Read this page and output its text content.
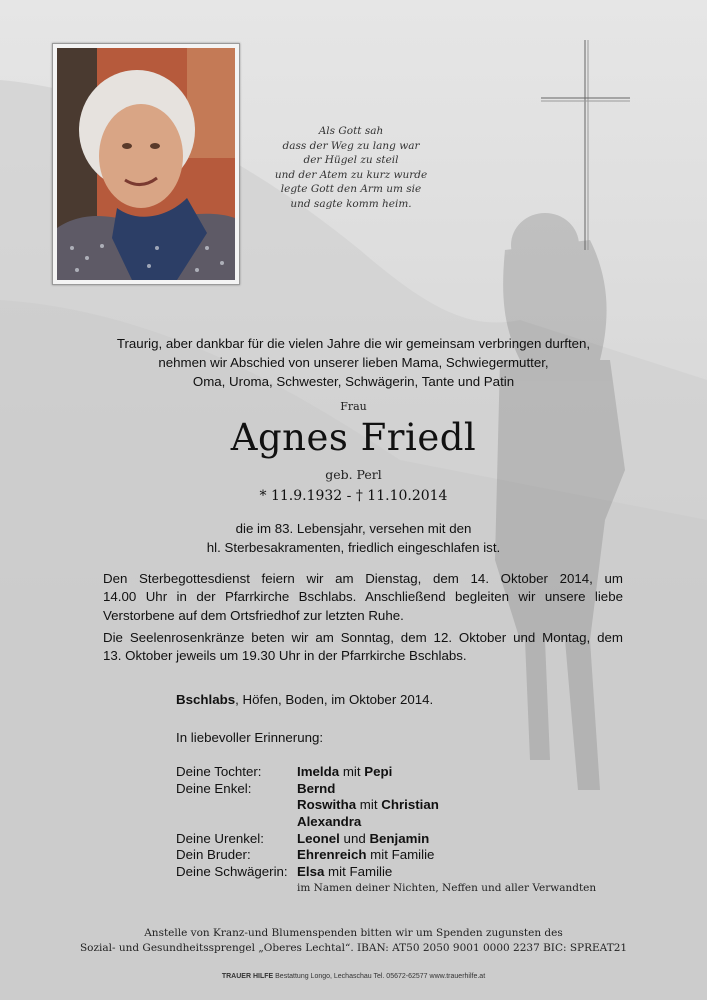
Als Gott sah
dass der Weg zu lang war
der Hügel zu steil
und der Atem zu kurz wurde
legte Gott den Arm um sie
und sagte komm heim.
Traurig, aber dankbar für die vielen Jahre die wir gemeinsam verbringen durften,
nehmen wir Abschied von unserer lieben Mama, Schwiegermutter,
Oma, Uroma, Schwester, Schwägerin, Tante und Patin
Frau
Agnes Friedl
geb. Perl
* 11.9.1932 - † 11.10.2014
die im 83. Lebensjahr, versehen mit den
hl. Sterbesakramenten, friedlich eingeschlafen ist.
Den Sterbegottesdienst feiern wir am Dienstag, dem 14. Oktober 2014, um
14.00 Uhr in der Pfarrkirche Bschlabs. Anschließend begleiten wir unsere liebe
Verstorbene auf dem Ortsfriedhof zur letzten Ruhe.
Die Seelenrosenkränze beten wir am Sonntag, dem 12. Oktober und Montag, dem
13. Oktober jeweils um 19.30 Uhr in der Pfarrkirche Bschlabs.
Bschlabs, Höfen, Boden, im Oktober 2014.
In liebevoller Erinnerung:
Deine Tochter:	Imelda mit Pepi
Deine Enkel:	Bernd
Roswitha mit Christian
Alexandra
Deine Urenkel: Leonel und Benjamin
Dein Bruder:	Ehrenreich mit Familie
Deine Schwägerin: Elsa mit Familie
im Namen deiner Nichten, Neffen und aller Verwandten
Anstelle von Kranz-und Blumenspenden bitten wir um Spenden zugunsten des
Sozial- und Gesundheitssprengel „Oberes Lechtal“. IBAN: AT50 2050 9001 0000 2237 BIC: SPREAT21
TRAUER HILFE Bestattung Longo, Lechaschau Tel. 05672-62577 www.trauerhilfe.at
